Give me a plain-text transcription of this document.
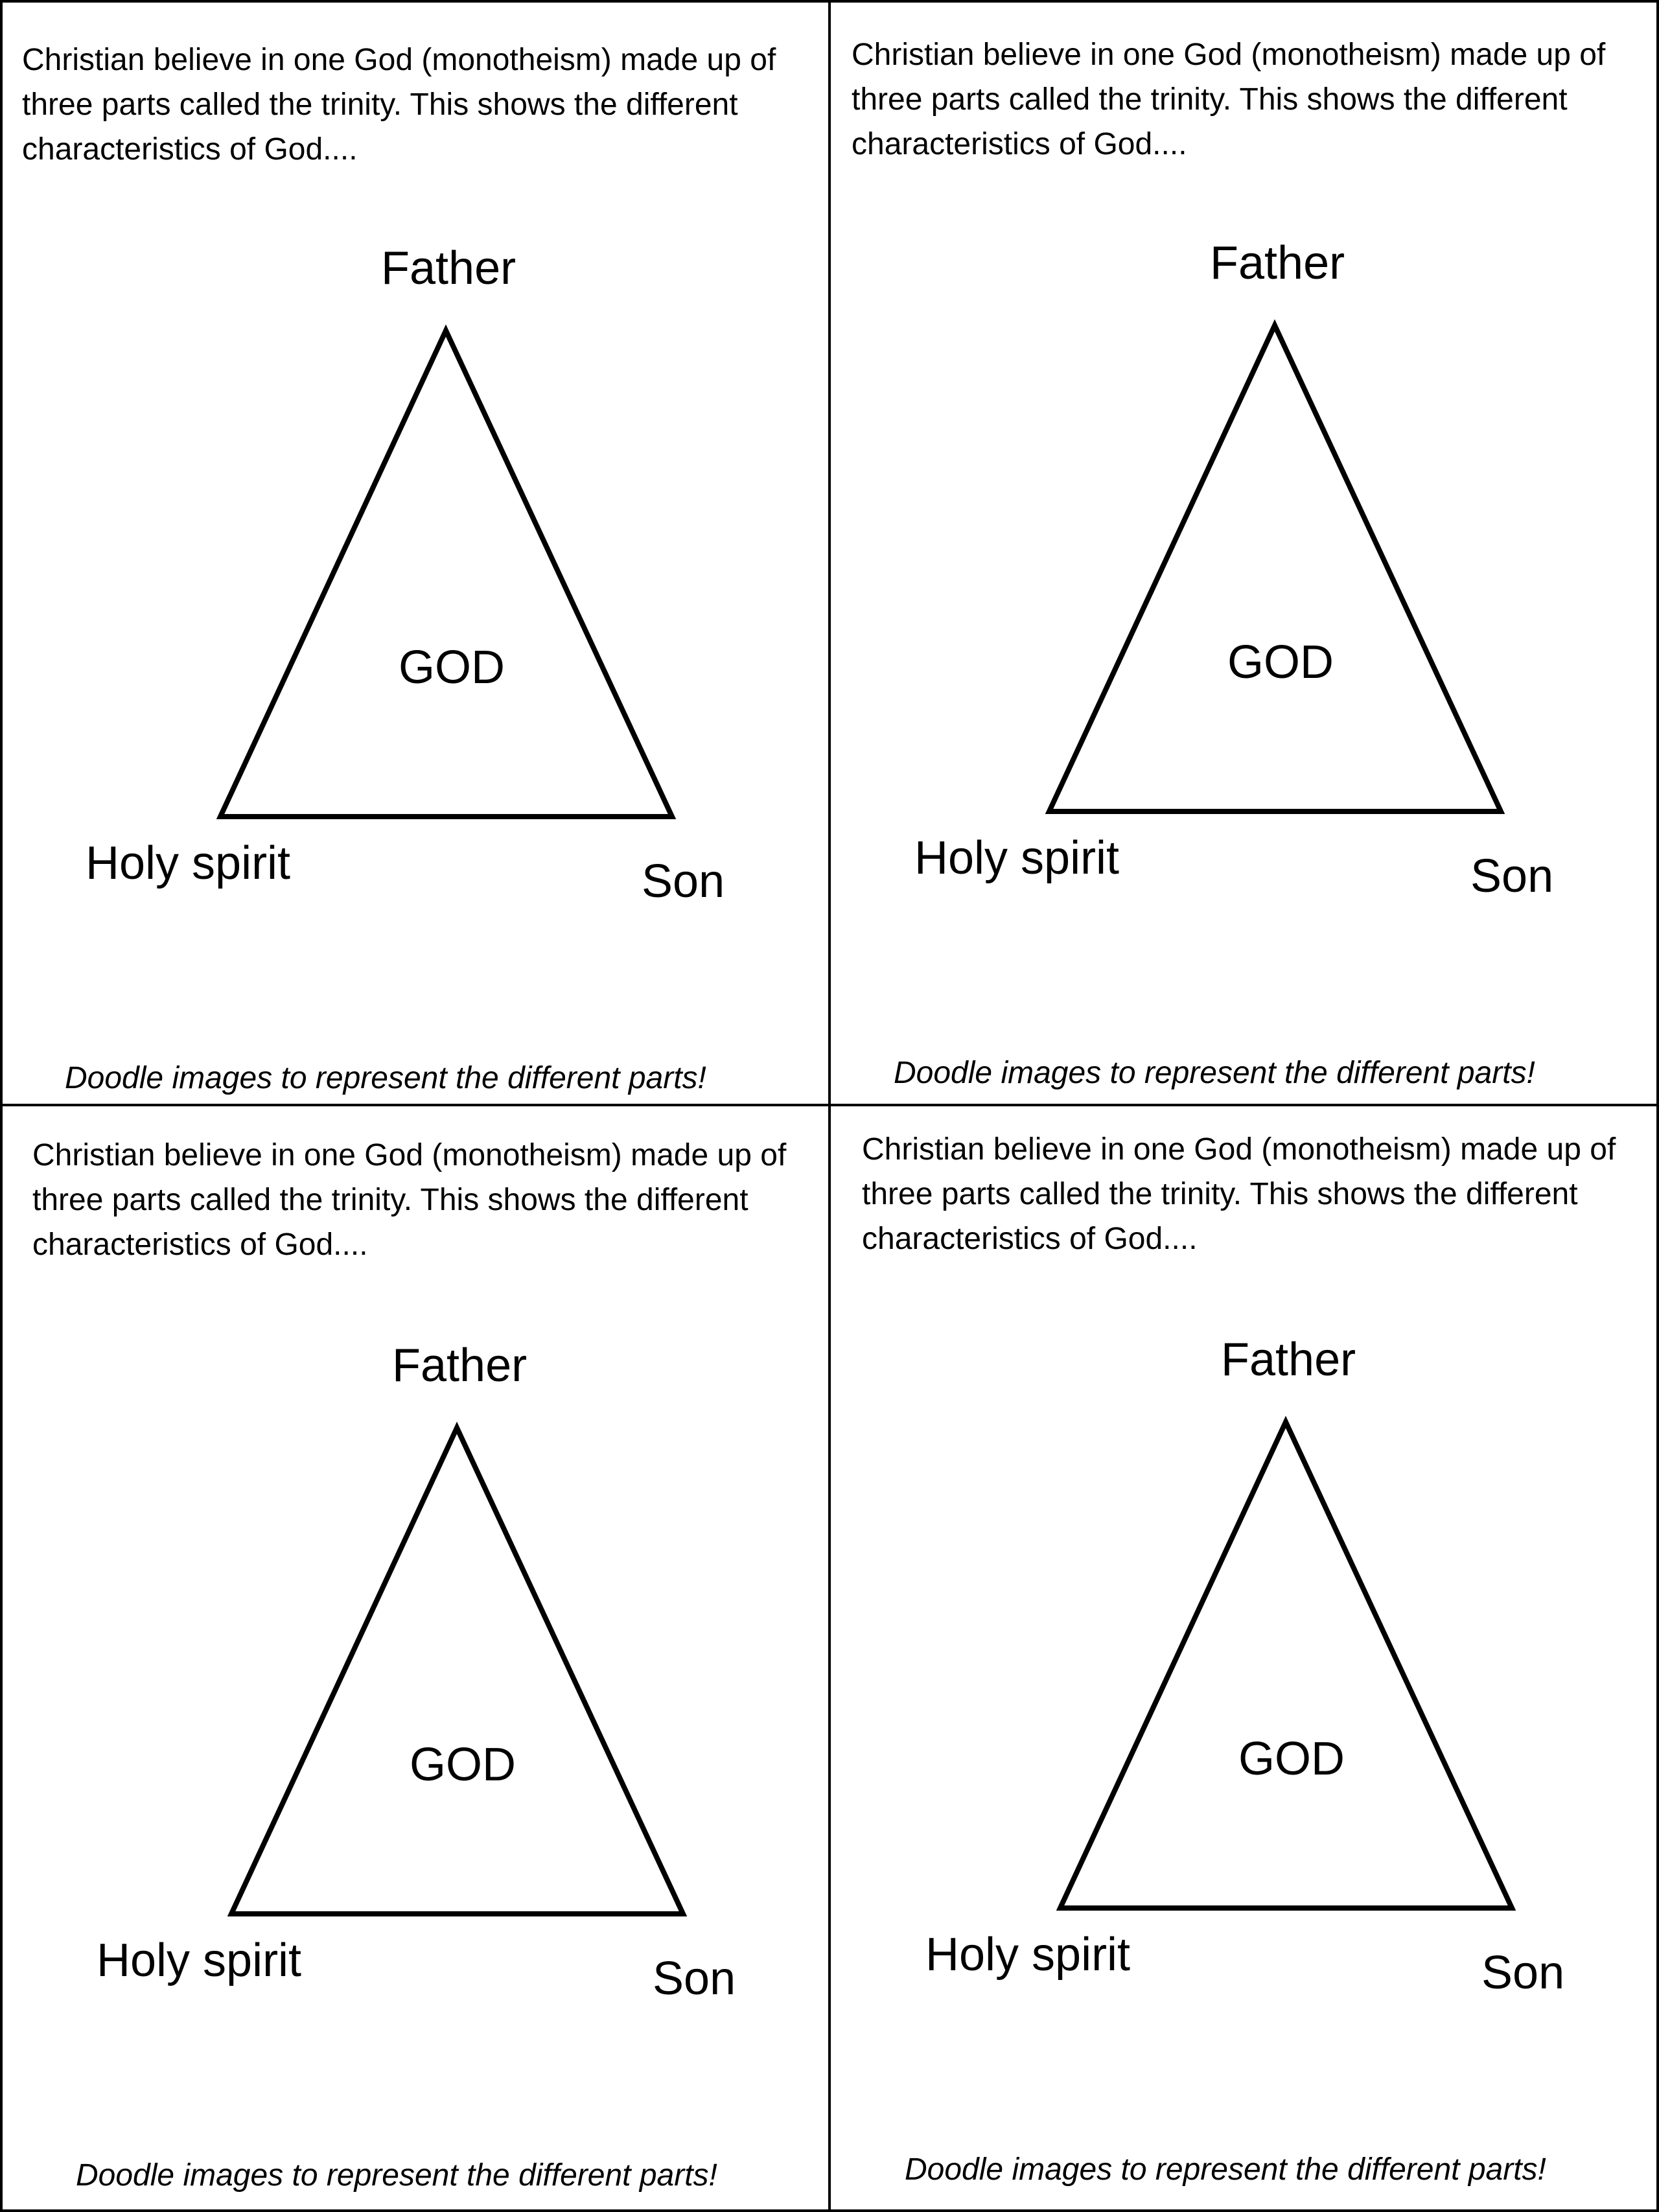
Christian believe in one God (monotheism) made up of three parts called the trinity. This shows the different characteristics of God....

Father
GOD
Holy spirit	Son
Doodle images to represent the different parts!

Christian believe in one God (monotheism) made up of three parts called the trinity. This shows the different characteristics of God....

Father
GOD
Holy spirit	Son
Doodle images to represent the different parts!

Christian believe in one God (monotheism) made up of three parts called the trinity. This shows the different characteristics of God....

Father
GOD
Holy spirit	Son
Doodle images to represent the different parts!

Christian believe in one God (monotheism) made up of three parts called the trinity. This shows the different characteristics of God....

Father
GOD
Holy spirit	Son
Doodle images to represent the different parts!
